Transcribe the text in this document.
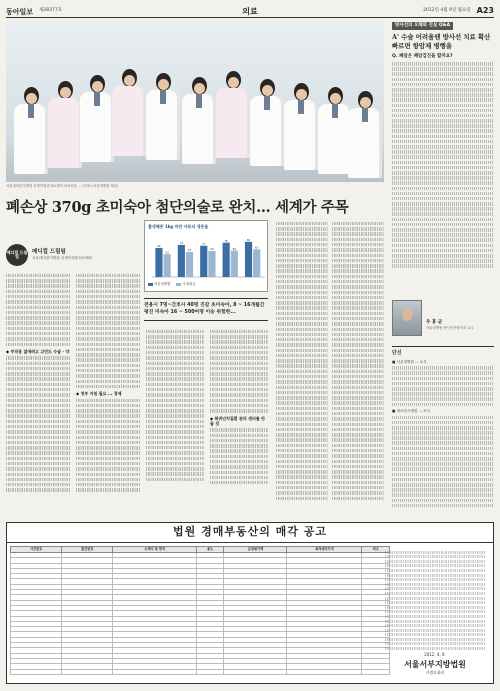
동아일보 제28377호	의료	2012년 4월 9일 월요일 A23
서울대어린이병원 신생아집중치료센터 의료진들 ... (사진=서울대병원 제공)
폐손상 370g 초미숙아 첨단의술로 완치… 세계가 주목
메디컬 드림팀
메디컬 드림팀
서울대어린이병원 신생아집중치료센터
◆ 부작용 없애려고 고민도 수술 · 약
◆ 정부 지원 필요 ... 경제
◆ 희귀난치질환 관리 센터를 만들 것
출생체중 1kg 미만 아동의 생존율
66
73	71
78	80
52
57	59	60	63
서울대병원	국내평균
전용시 7명~간호사 40명 진갈 초미숙아, 8 ~ 16개월간 평진 미숙아 16 ~ 500여명 이송 위험한...
방사선의 오해와 진실 Q&A
A' 수술 어려울땐 방사선 치료 확산 빠르면 항암제 병행을
Q. 폐암은 폐암검진을 할까요?
우 홍 균
서울대병원 방사선종양학과 교수
단신
■ 서울대병원 ... 소식
■ 세브란스병원 ... 소식
법원 경매부동산의 매각 공고
사건번호	물건번호	소재지 및 면적	용도	감정평가액	최저매각가격	비고

2012. 4. 9.
서울서부지방법원
사법보좌관
